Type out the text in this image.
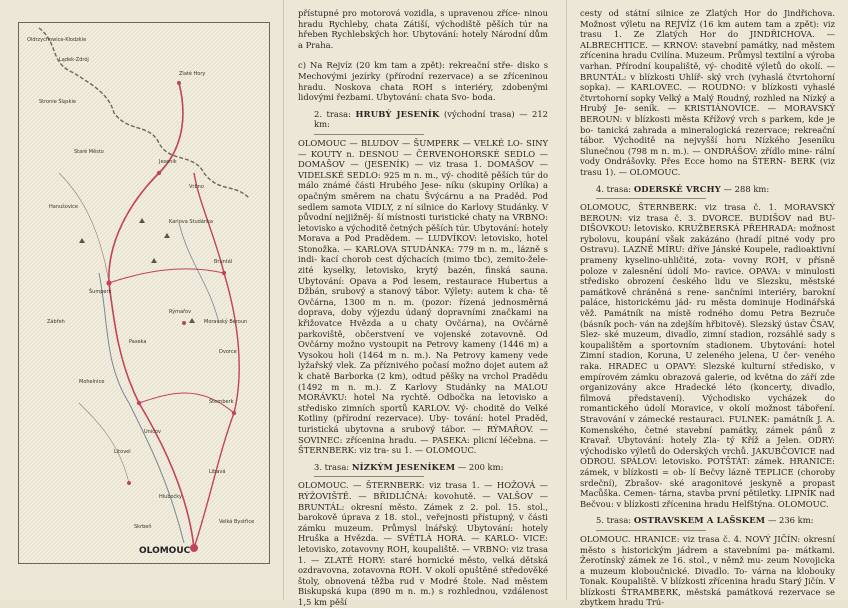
Oldrzychowice-Kłodzkie
Lądek-Zdrój
Stronie Śląskie
Staré Město
Hanušovice
Šumperk
Zábřeh
Mohelnice
Litovel
Uničov
Šternberk
Bruntál
Rýmařov
Jeseník
Zlaté Hory
Vrbno
Karlova Studánka
Paseka
Dvorce
Moravský Beroun
Libavá
Velká Bystřice
Hlubočky
Skrbeň
OLOMOUC

přístupné pro motorová vozidla, s upravenou zříce- ninou hradu Rychleby, chata Zátiší, východiště pěších túr na hřeben Rychlebských hor. Ubytování: hotely Národní dům a Praha.

c) Na Rejvíz (20 km tam a zpět): rekreační stře- disko s Mechovými jezírky (přírodní rezervace) a se zříceninou hradu. Noskova chata ROH s interiéry, zdobenými lidovými řezbami. Ubytování: chata Svo- boda.

2. trasa: HRUBÝ JESENÍK (východní trasa) — 212 km:

OLOMOUC — BLUDOV — ŠUMPERK — VELKÉ LO- SINY — KOUTY n. DESNOU — ČERVENOHORSKÉ SEDLO — DOMAŠOV — (JESENÍK) — viz trasa 1. DOMAŠOV — VIDELSKÉ SEDLO: 925 m n. m., vý- choditě pěších túr do málo známé části Hrubého Jese- níku (skupiny Orlíka) a opačným směrem na chatu Švýcárnu a na Praděd. Pod sedlem samota VIDLY, z ní silnice do Karlovy Studánky. V původní nejjižněj- ší místnosti turistické chaty na VRBNO: letovisko a východitě četných pěších túr. Ubytování: hotely Morava a Pod Pradědem. — LUDVÍKOV: letovisko, hotel Stonožka. — KARLOVA STUDÁNKA: 779 m n. m., lázně s indi- kací chorob cest dýchacích (mimo tbc), zemito-žele- zité kyselky, letovisko, krytý bazén, finská sauna. Ubytování: Opava a Pod lesem, restaurace Hubertus a Džbán, srubový a stanový tábor. Výlety: autem k cha- tě Ovčárna, 1300 m n. m. (pozor: řízená jednosměrná doprava, doby výjezdu údaný dopravními značkami na křižovatce Hvězda a u chaty Ovčárna), na Ovčárně parkoviště, občerstvení ve vojenské zotavovně. Od Ovčárny možno vystoupit na Petrovy kameny (1446 m) a Vysokou holi (1464 m n. m.). Na Petrovy kameny vede lyžařský vlek. Za příznivého počasí možno dojet autem až k chatě Barborka (2 km), odtud pěšky na vrchol Pradědu (1492 m n. m.). Z Karlovy Studánky na MALOU MORÁVKU: hotel Na rychtě. Odbočka na letovisko a středisko zimních sportů KARLOV. Vý- choditě do Velké Kotliny (přírodní rezervace). Uby- tování: hotel Praděd, turistická ubytovna a srubový tábor. — RÝMAŘOV. — SOVINEC: zřícenina hradu. — PASEKA: plicní léčebna. — ŠTERNBERK: viz tra- su 1. — OLOMOUC.

3. trasa: NÍZKÝM JESENÍKEM — 200 km:

OLOMOUC. — ŠTERNBERK: viz trasa 1. — HOŽOVÁ — RÝŽOVIŠTĚ. — BŘIDLIČNÁ: kovohutě. — VALŠOV — BRUNTÁL: okresní město. Zámek z 2. pol. 15. stol., barokově úprava z 18. stol., veřejnosti přístupný, v části zámku muzeum. Průmysl lnářský. Ubytování: hotely Hruška a Hvězda. — SVĚTLÁ HORA. — KARLO- VICE: letovisko, zotavovny ROH, koupaliště. — VRBNO: viz trasa 1. — ZLATÉ HORY: staré hornické město, velká dětská ozdravovna, zotavovna ROH. V okolí opuštěné středověké štoly, obnovená těžba rud v Modré štole. Nad městem Biskupská kupa (890 m n. m.) s rozhlednou, vzdálenost 1,5 km pěší

cesty od státní silnice ze Zlatých Hor do Jindřichova. Možnost výletu na REJVÍZ (16 km autem tam a zpět): viz trasu 1. Ze Zlatých Hor do JINDŘICHOVA. — ALBRECHTICE. — KRNOV: stavební památky, nad městem zřícenina hradu Cvilína. Muzeum. Průmysl textilní a výroba varhan. Přírodní koupaliště, vý- choditě výletů do okolí. — BRUNTÁL: v blízkosti Uhlíř- ský vrch (vyhaslá čtvrtohorní sopka). — KARLOVEC. — ROUDNO: v blízkosti vyhaslé čtvrtohorní sopky Velký a Malý Roudný, rozhled na Nízký a Hrubý Je- seník. — KRISTIÁNOVICE. — MORAVSKÝ BEROUN: v blízkosti města Křížový vrch s parkem, kde je bo- tanická zahrada a mineralogická rezervace; rekreační tábor. Východitě na nejvyšší horu Nízkého Jeseníku Slunečnou (798 m n. m.). — ONDRÁŠOV: zřídlo mine- rální vody Ondrášovky. Přes Ecce homo na ŠTERN- BERK (viz trasu 1). — OLOMOUC.

4. trasa: ODERSKÉ VRCHY — 288 km:

OLOMOUC, ŠTERNBERK: viz trasa č. 1. MORAVSKÝ BEROUN: viz trasa č. 3. DVORCE. BUDIŠOV nad BU- DIŠOVKOU: letovisko. KRUŽBERSKÁ PŘEHRADA: možnost rybolovu, koupání však zakázáno (hradí pitné vody pro Ostravu). LAZNĚ MÍRU: dříve Jánské Koupele, radioaktivní prameny kyselino-uhličité, zota- vovny ROH, v přísně poloze v zalesnění údolí Mo- ravice. OPAVA: v minulosti středisko obrození českého lidu ve Slezsku, městské památkově chráněná s rene- sančními interiéry, barokní paláce, historickému jád- ru města dominuje Hodinářská věž. Památník na místě rodného domu Petra Bezruče (básník poch- ván na zdejším hřbitově). Slezský ústav ČSAV, Slez- ské muzeum, divadlo, zimní stadion, rozsáhlé sady s koupalištěm a sportovním stadionem. Ubytování: hotel Zimní stadion, Koruna, U zeleného jelena, U čer- veného raka. HRADEC u OPAVY: Slezské kulturní středisko, v empírovém zámku obrazová galerie, od května do září zde organizovány akce Hradecké léto (koncerty, divadlo, filmová představení). Východisko vycházek do romantického údolí Moravice, v okolí možnost táboření. Stravování v zámecké restauraci. FULNEK: památník J. A. Komenského, četné stavební památky, zámek pánů z Kravař. Ubytování: hotely Zla- tý Kříž a Jelen. ODRY: východisko výletů do Oderských vrchů. JAKUBČOVICE nad ODROU. SPÁLOV: letovisko. POTŠTÁT: zámek. HRANICE: zámek, v blízkosti = ob- lí Bečvy lázně TEPLICE (choroby srdeční), Zbrašov- ské aragonitové jeskyně a propast Macůška. Cemen- tárna, stavba první pětiletky. LIPNÍK nad Bečvou: v blízkosti zřícenina hradu Helfštýna. OLOMOUC.

5. trasa: OSTRAVSKEM A LAŠSKEM — 236 km:

OLOMOUC. HRANICE: viz trasa č. 4. NOVÝ JIČÍN: okresní město s historickým jádrem a stavebními pa- mátkami. Žerotínský zámek ze 16. stol., v němž mu- zeum Novojicka a muzeum kloboučnické. Divadlo. To- várna na klobouky Tonak. Koupaliště. V blízkosti zřícenina hradu Starý Jičín. V blízkosti ŠTRAMBERK, městská památková rezervace se zbytkem hradu Trú-
